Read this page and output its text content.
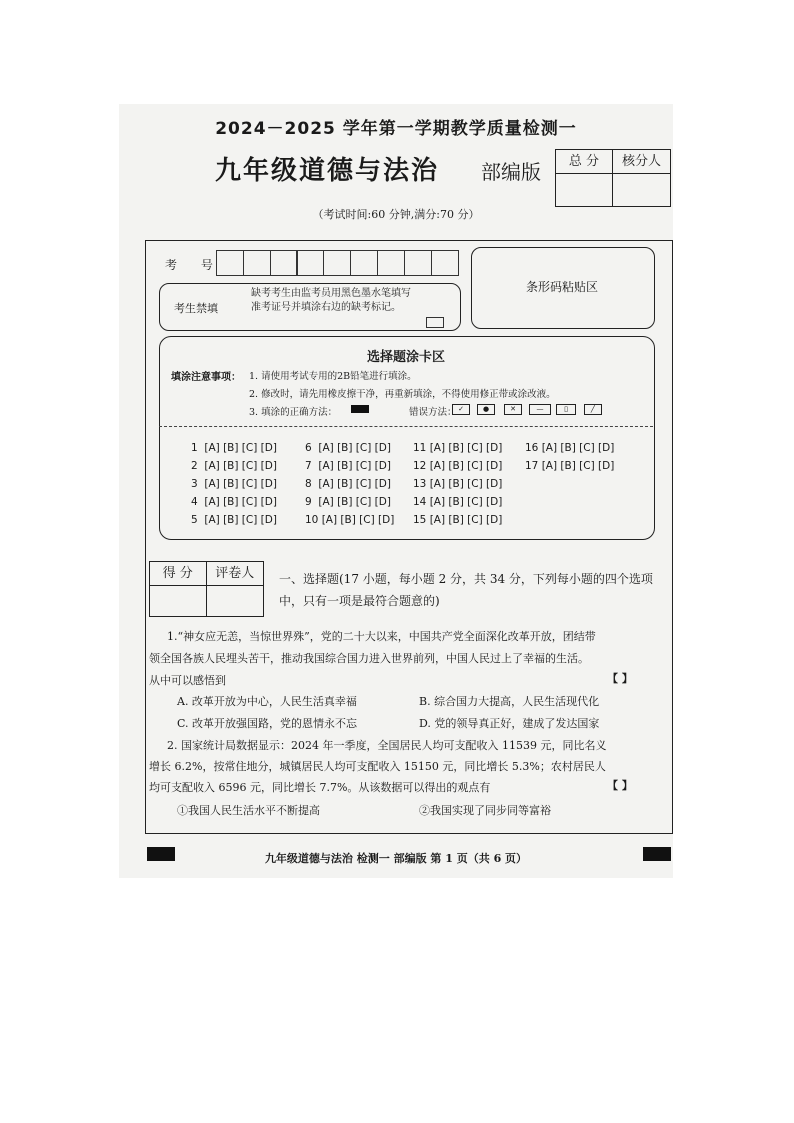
2024－2025 学年第一学期教学质量检测一
九年级道德与法治 部编版	总 分	核分人
（考试时间:60 分钟,满分:70 分）
考 号
条形码粘贴区
考生禁填
缺考考生由监考员用黑色墨水笔填写准考证号并填涂右边的缺考标记。
选择题涂卡区
填涂注意事项： 1. 请使用考试专用的2B铅笔进行填涂。
2. 修改时，请先用橡皮擦干净，再重新填涂，不得使用修正带或涂改液。
3. 填涂的正确方法：	错误方法： ✓	●	✕	—	▯	╱
1  [A] [B] [C] [D]
2  [A] [B] [C] [D]
3  [A] [B] [C] [D]
4  [A] [B] [C] [D]
5  [A] [B] [C] [D]
6  [A] [B] [C] [D]
7  [A] [B] [C] [D]
8  [A] [B] [C] [D]
9  [A] [B] [C] [D]
10 [A] [B] [C] [D]
11 [A] [B] [C] [D]
12 [A] [B] [C] [D]
13 [A] [B] [C] [D]
14 [A] [B] [C] [D]
15 [A] [B] [C] [D]
16 [A] [B] [C] [D]
17 [A] [B] [C] [D]
得 分	评卷人	一、选择题(17 小题，每小题 2 分，共 34 分，下列每小题的四个选项
中，只有一项是最符合题意的)
1.“神女应无恙，当惊世界殊”，党的二十大以来，中国共产党全面深化改革开放，团结带
领全国各族人民埋头苦干，推动我国综合国力进入世界前列，中国人民过上了幸福的生活。
从中可以感悟到	【 】
A. 改革开放为中心，人民生活真幸福	B. 综合国力大提高，人民生活现代化
C. 改革开放强国路，党的恩情永不忘	D. 党的领导真正好，建成了发达国家
2. 国家统计局数据显示：2024 年一季度，全国居民人均可支配收入 11539 元，同比名义
增长 6.2%，按常住地分，城镇居民人均可支配收入 15150 元，同比增长 5.3%；农村居民人
均可支配收入 6596 元，同比增长 7.7%。从该数据可以得出的观点有	【 】
①我国人民生活水平不断提高	②我国实现了同步同等富裕
九年级道德与法治 检测一 部编版 第 1 页（共 6 页）
